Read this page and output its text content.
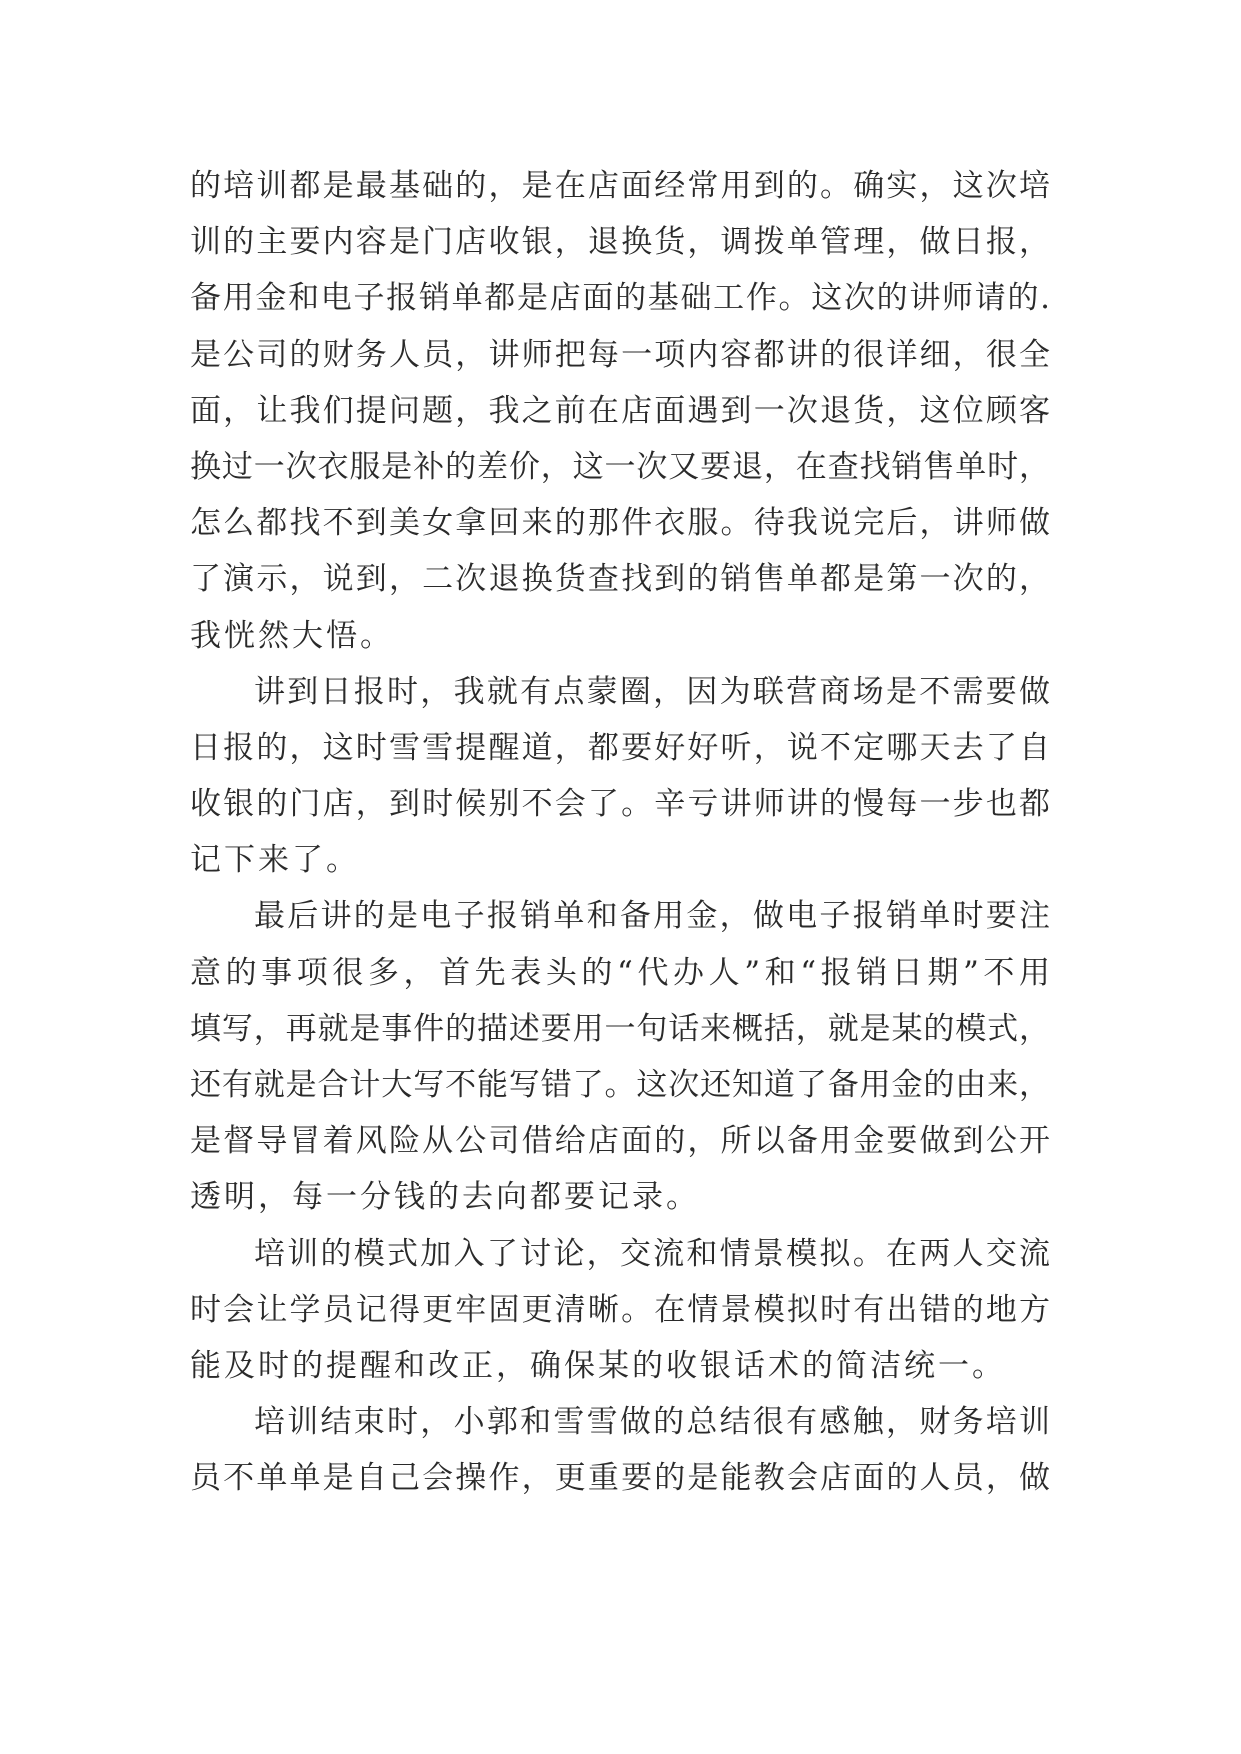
的培训都是最基础的，是在店面经常用到的。确实，这次培
训的主要内容是门店收银，退换货，调拨单管理，做日报，
备用金和电子报销单都是店面的基础工作。这次的讲师请的.
是公司的财务人员，讲师把每一项内容都讲的很详细，很全
面，让我们提问题，我之前在店面遇到一次退货，这位顾客
换过一次衣服是补的差价，这一次又要退，在查找销售单时，
怎么都找不到美女拿回来的那件衣服。待我说完后，讲师做
了演示，说到，二次退换货查找到的销售单都是第一次的，
我恍然大悟。
讲到日报时，我就有点蒙圈，因为联营商场是不需要做
日报的，这时雪雪提醒道，都要好好听，说不定哪天去了自
收银的门店，到时候别不会了。辛亏讲师讲的慢每一步也都
记下来了。
最后讲的是电子报销单和备用金，做电子报销单时要注
意的事项很多，首先表头的“代办人”和“报销日期”不用
填写，再就是事件的描述要用一句话来概括，就是某的模式，
还有就是合计大写不能写错了。这次还知道了备用金的由来，
是督导冒着风险从公司借给店面的，所以备用金要做到公开
透明，每一分钱的去向都要记录。
培训的模式加入了讨论，交流和情景模拟。在两人交流
时会让学员记得更牢固更清晰。在情景模拟时有出错的地方
能及时的提醒和改正，确保某的收银话术的简洁统一。
培训结束时，小郭和雪雪做的总结很有感触，财务培训
员不单单是自己会操作，更重要的是能教会店面的人员，做
